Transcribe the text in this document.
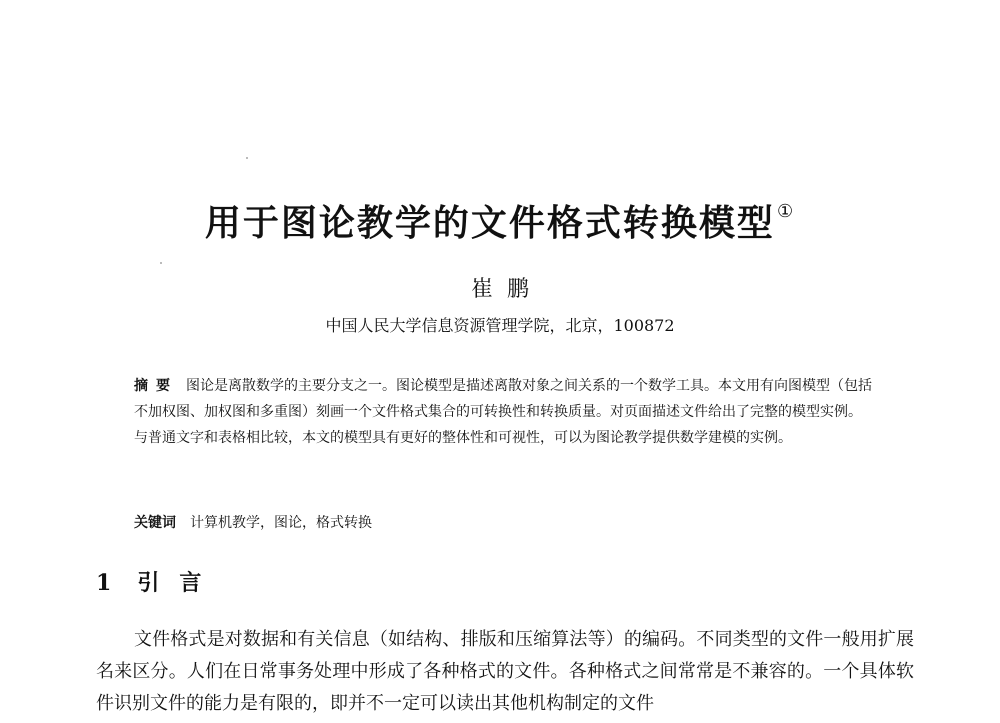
用于图论教学的文件格式转换模型 ①
崔鹏
中国人民大学信息资源管理学院，北京，100872

摘要 图论是离散数学的主要分支之一。图论模型是描述离散对象之间关系的一个数学工具。本文用有向图模型（包括不加权图、加权图和多重图）刻画一个文件格式集合的可转换性和转换质量。对页面描述文件给出了完整的模型实例。与普通文字和表格相比较，本文的模型具有更好的整体性和可视性，可以为图论教学提供数学建模的实例。

关键词 计算机教学，图论，格式转换
1 引言

文件格式是对数据和有关信息（如结构、排版和压缩算法等）的编码。不同类型的文件一般用扩展名来区分。人们在日常事务处理中形成了各种格式的文件。各种格式之间常常是不兼容的。一个具体软件识别文件的能力是有限的，即并不一定可以读出其他机构制定的文件
